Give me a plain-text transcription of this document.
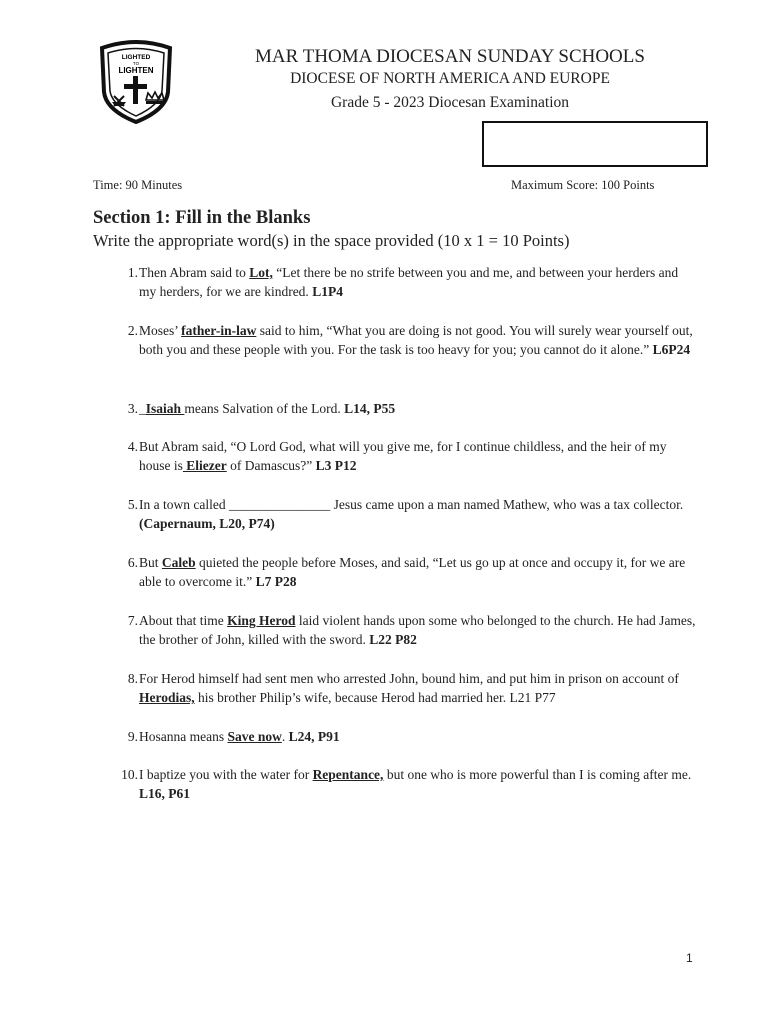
LIGHTED
TO
LIGHTEN
MAR THOMA DIOCESAN SUNDAY SCHOOLS
DIOCESE OF NORTH AMERICA AND EUROPE
Grade 5 - 2023 Diocesan Examination
Time: 90 Minutes	Maximum Score: 100 Points
Section 1: Fill in the Blanks
Write the appropriate word(s) in the space provided (10 x 1 = 10 Points)
1. Then Abram said to Lot, “Let there be no strife between you and me, and between your herders and my herders, for we are kindred. L1P4
2. Moses’ father-in-law said to him, “What you are doing is not good. You will surely wear yourself out, both you and these people with you. For the task is too heavy for you; you cannot do it alone.” L6P24
3. _Isaiah means Salvation of the Lord. L14, P55
4. But Abram said, “O Lord God, what will you give me, for I continue childless, and the heir of my house is Eliezer of Damascus?” L3 P12
5. In a town called _______________ Jesus came upon a man named Mathew, who was a tax collector. (Capernaum, L20, P74)
6. But Caleb quieted the people before Moses, and said, “Let us go up at once and occupy it, for we are able to overcome it.” L7 P28
7. About that time King Herod laid violent hands upon some who belonged to the church. He had James, the brother of John, killed with the sword. L22 P82
8. For Herod himself had sent men who arrested John, bound him, and put him in prison on account of Herodias, his brother Philip’s wife, because Herod had married her. L21 P77
9. Hosanna means Save now. L24, P91
10. I baptize you with the water for Repentance, but one who is more powerful than I is coming after me. L16, P61
1
